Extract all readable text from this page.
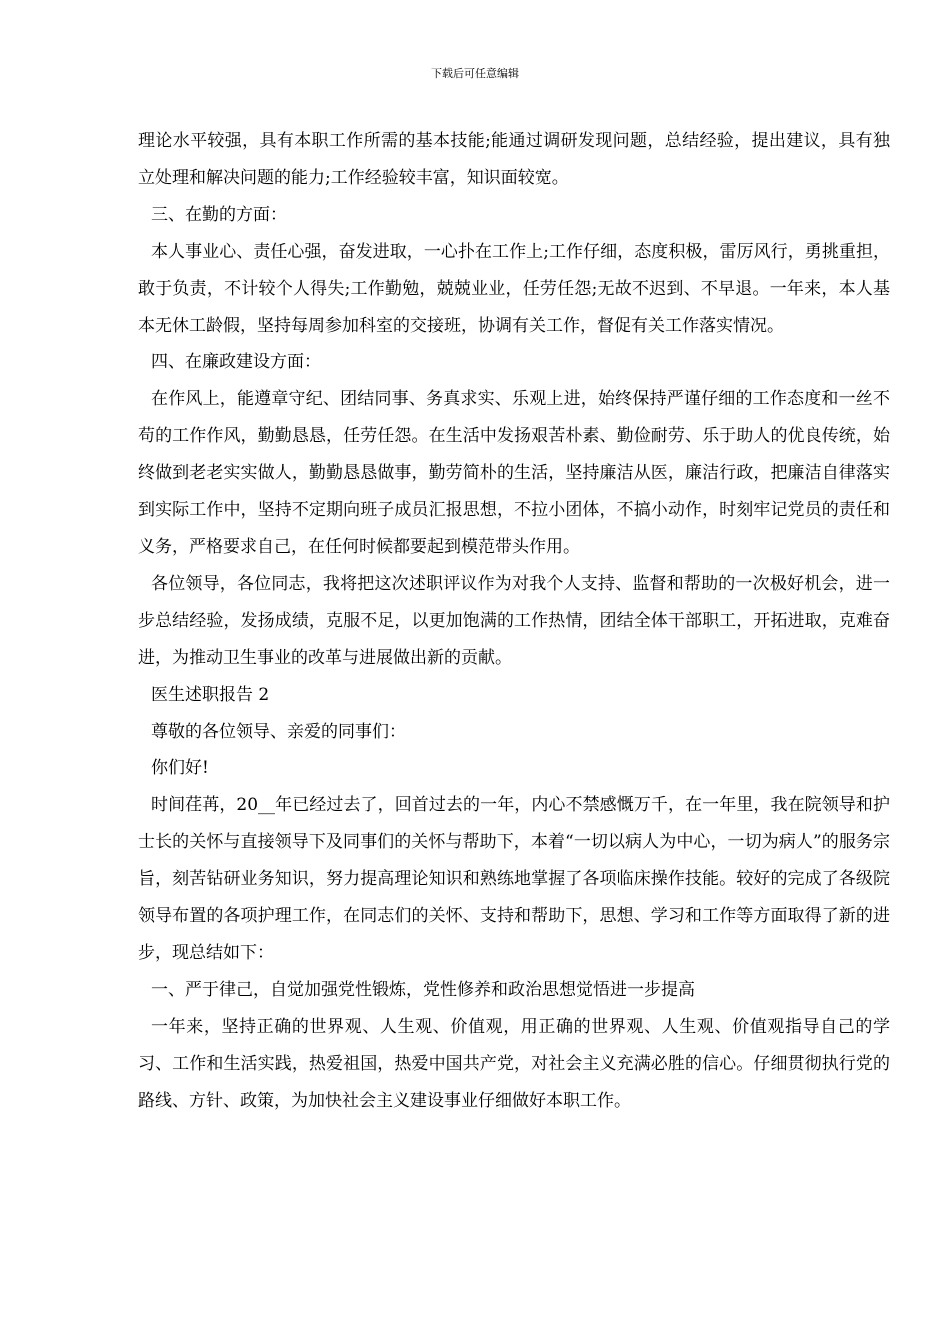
下载后可任意编辑

理论水平较强，具有本职工作所需的基本技能;能通过调研发现问题，总结经验，提出建议，具有独立处理和解决问题的能力;工作经验较丰富，知识面较宽。

三、在勤的方面：

本人事业心、责任心强，奋发进取，一心扑在工作上;工作仔细，态度积极，雷厉风行，勇挑重担，敢于负责，不计较个人得失;工作勤勉，兢兢业业，任劳任怨;无故不迟到、不早退。一年来，本人基本无休工龄假，坚持每周参加科室的交接班，协调有关工作，督促有关工作落实情况。

四、在廉政建设方面：

在作风上，能遵章守纪、团结同事、务真求实、乐观上进，始终保持严谨仔细的工作态度和一丝不苟的工作作风，勤勤恳恳，任劳任怨。在生活中发扬艰苦朴素、勤俭耐劳、乐于助人的优良传统，始终做到老老实实做人，勤勤恳恳做事，勤劳简朴的生活，坚持廉洁从医，廉洁行政，把廉洁自律落实到实际工作中，坚持不定期向班子成员汇报思想，不拉小团体，不搞小动作，时刻牢记党员的责任和义务，严格要求自己，在任何时候都要起到模范带头作用。

各位领导，各位同志，我将把这次述职评议作为对我个人支持、监督和帮助的一次极好机会，进一步总结经验，发扬成绩，克服不足，以更加饱满的工作热情，团结全体干部职工，开拓进取，克难奋进，为推动卫生事业的改革与进展做出新的贡献。

医生述职报告 2

尊敬的各位领导、亲爱的同事们：

你们好!

时间荏苒，20__年已经过去了，回首过去的一年，内心不禁感慨万千，在一年里，我在院领导和护士长的关怀与直接领导下及同事们的关怀与帮助下，本着“一切以病人为中心，一切为病人”的服务宗旨，刻苦钻研业务知识，努力提高理论知识和熟练地掌握了各项临床操作技能。较好的完成了各级院领导布置的各项护理工作，在同志们的关怀、支持和帮助下，思想、学习和工作等方面取得了新的进步，现总结如下：

一、严于律己，自觉加强党性锻炼，党性修养和政治思想觉悟进一步提高

一年来，坚持正确的世界观、人生观、价值观，用正确的世界观、人生观、价值观指导自己的学习、工作和生活实践，热爱祖国，热爱中国共产党，对社会主义充满必胜的信心。仔细贯彻执行党的路线、方针、政策，为加快社会主义建设事业仔细做好本职工作。
